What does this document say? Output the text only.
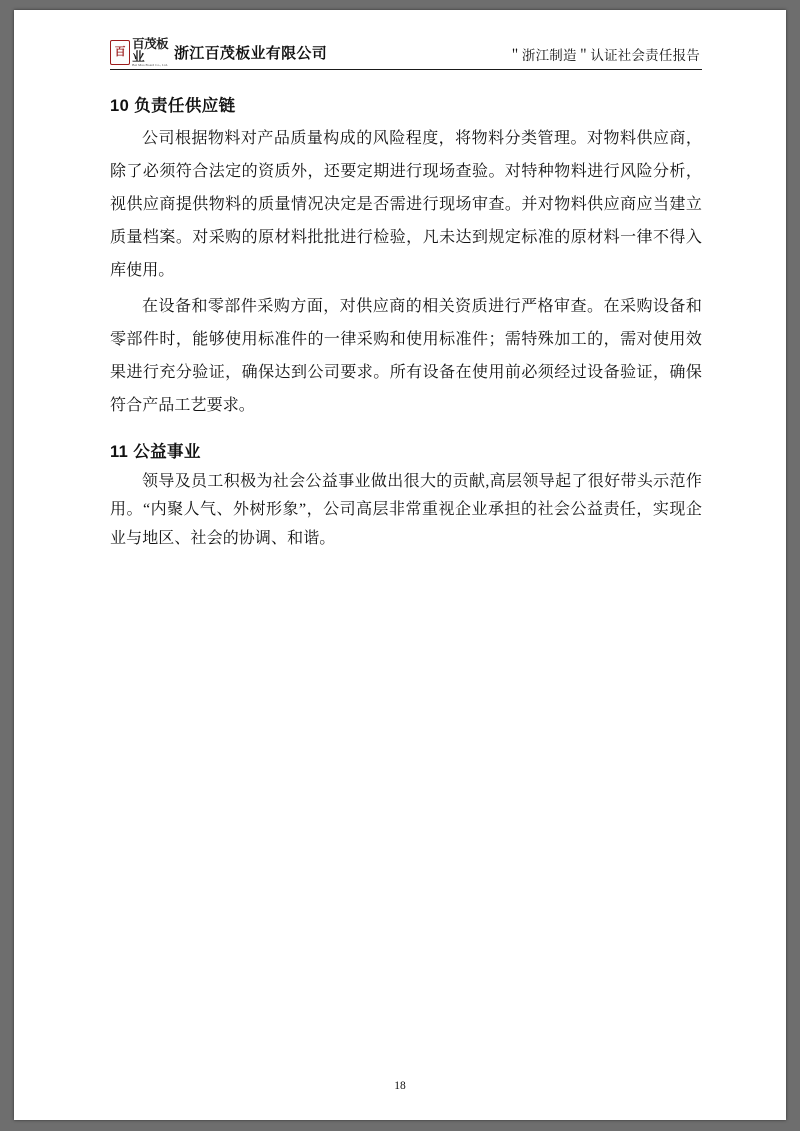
百
百茂板业
Bai Mao Board Co., Ltd.
浙江百茂板业有限公司	＂浙江制造＂认证社会责任报告
10 负责任供应链

公司根据物料对产品质量构成的风险程度，将物料分类管理。对物料供应商，除了必须符合法定的资质外，还要定期进行现场查验。对特种物料进行风险分析，视供应商提供物料的质量情况决定是否需进行现场审查。并对物料供应商应当建立质量档案。对采购的原材料批批进行检验，凡未达到规定标准的原材料一律不得入库使用。

在设备和零部件采购方面，对供应商的相关资质进行严格审查。在采购设备和零部件时，能够使用标准件的一律采购和使用标准件；需特殊加工的，需对使用效果进行充分验证，确保达到公司要求。所有设备在使用前必须经过设备验证，确保符合产品工艺要求。

11 公益事业

领导及员工积极为社会公益事业做出很大的贡献,高层领导起了很好带头示范作用。“内聚人气、外树形象”，公司高层非常重视企业承担的社会公益责任，实现企业与地区、社会的协调、和谐。

18
